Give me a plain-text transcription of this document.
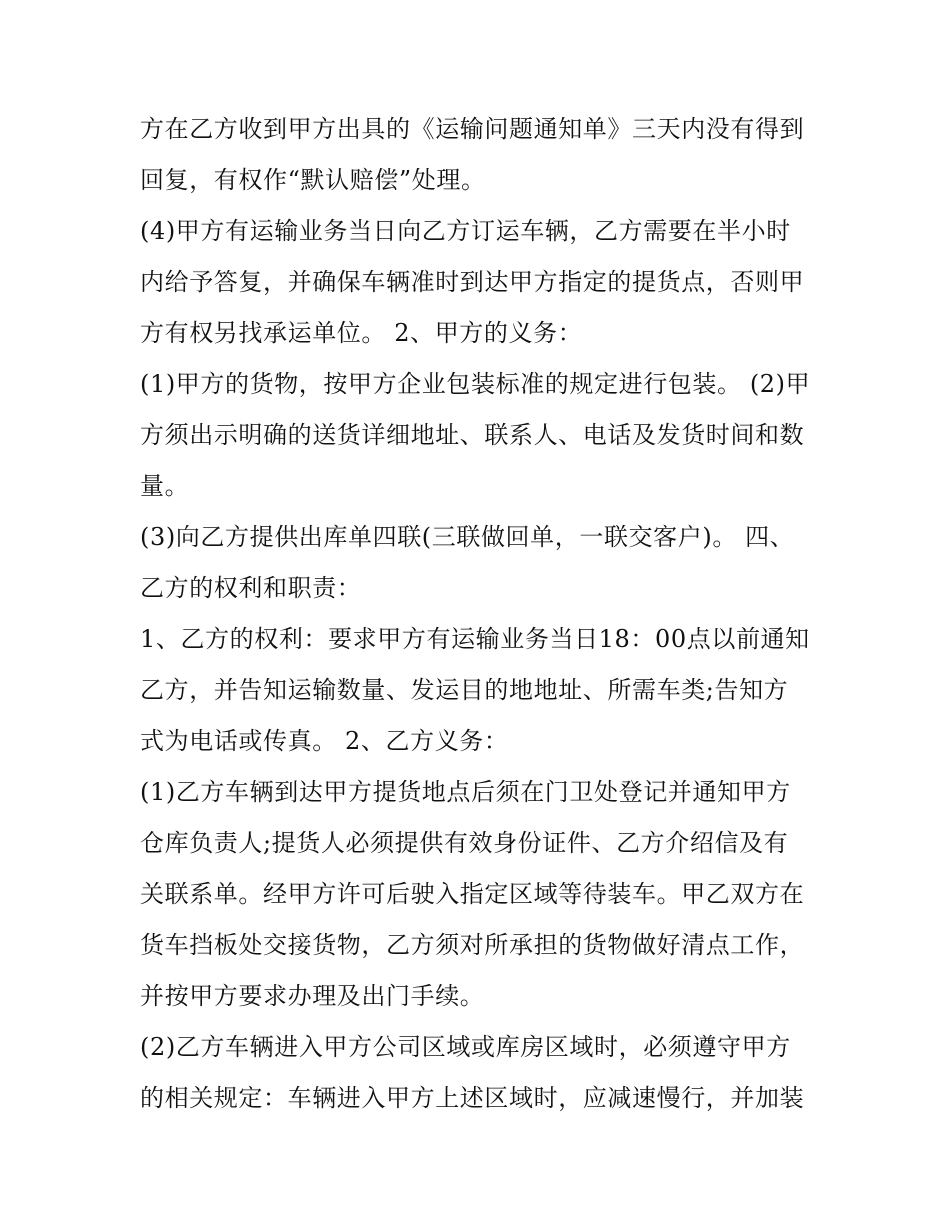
方在乙方收到甲方出具的《运输问题通知单》三天内没有得到
回复，有权作“默认赔偿”处理。
(4)甲方有运输业务当日向乙方订运车辆，乙方需要在半小时
内给予答复，并确保车辆准时到达甲方指定的提货点，否则甲
方有权另找承运单位。 2、甲方的义务：
(1)甲方的货物，按甲方企业包装标准的规定进行包装。 (2)甲
方须出示明确的送货详细地址、联系人、电话及发货时间和数
量。
(3)向乙方提供出库单四联(三联做回单，一联交客户)。 四、
乙方的权利和职责：
1、乙方的权利：要求甲方有运输业务当日18：00点以前通知
乙方，并告知运输数量、发运目的地地址、所需车类;告知方
式为电话或传真。 2、乙方义务：
(1)乙方车辆到达甲方提货地点后须在门卫处登记并通知甲方
仓库负责人;提货人必须提供有效身份证件、乙方介绍信及有
关联系单。经甲方许可后驶入指定区域等待装车。甲乙双方在
货车挡板处交接货物，乙方须对所承担的货物做好清点工作，
并按甲方要求办理及出门手续。
(2)乙方车辆进入甲方公司区域或库房区域时，必须遵守甲方
的相关规定：车辆进入甲方上述区域时，应减速慢行，并加装
